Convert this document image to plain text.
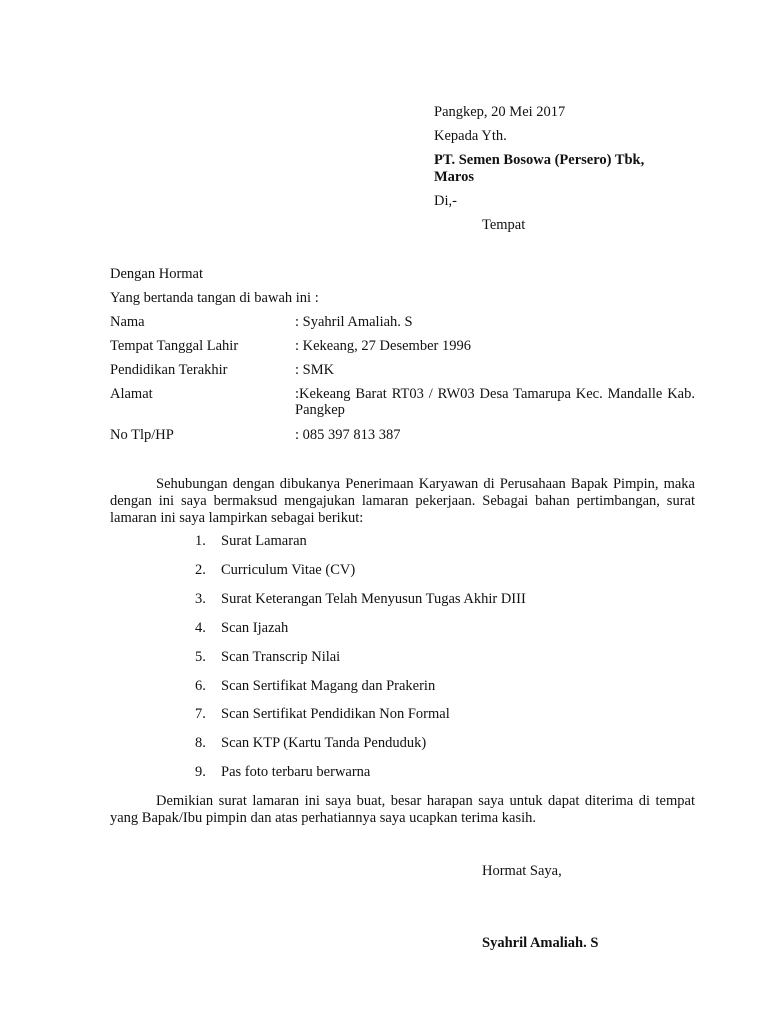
Pangkep, 20 Mei 2017
Kepada Yth.
PT. Semen Bosowa (Persero) Tbk,
Maros
Di,-
Tempat
Dengan Hormat
Yang bertanda tangan di bawah ini :
Nama	: Syahril Amaliah. S
Tempat Tanggal Lahir	: Kekeang, 27 Desember 1996
Pendidikan Terakhir	: SMK
Alamat	:Kekeang Barat RT03 / RW03 Desa Tamarupa Kec. Mandalle Kab. Pangkep
No Tlp/HP	: 085 397 813 387
Sehubungan dengan dibukanya Penerimaan Karyawan di Perusahaan Bapak Pimpin, maka dengan ini saya bermaksud mengajukan lamaran pekerjaan. Sebagai bahan pertimbangan, surat lamaran ini saya lampirkan sebagai berikut:
1. Surat Lamaran
2. Curriculum Vitae (CV)
3. Surat Keterangan Telah Menyusun Tugas Akhir DIII
4. Scan Ijazah
5. Scan Transcrip Nilai
6. Scan Sertifikat Magang dan Prakerin
7. Scan Sertifikat Pendidikan Non Formal
8. Scan KTP (Kartu Tanda Penduduk)
9. Pas foto terbaru berwarna
Demikian surat lamaran ini saya buat, besar harapan saya untuk dapat diterima di tempat yang Bapak/Ibu pimpin dan atas perhatiannya saya ucapkan terima kasih.
Hormat Saya,
Syahril Amaliah. S
